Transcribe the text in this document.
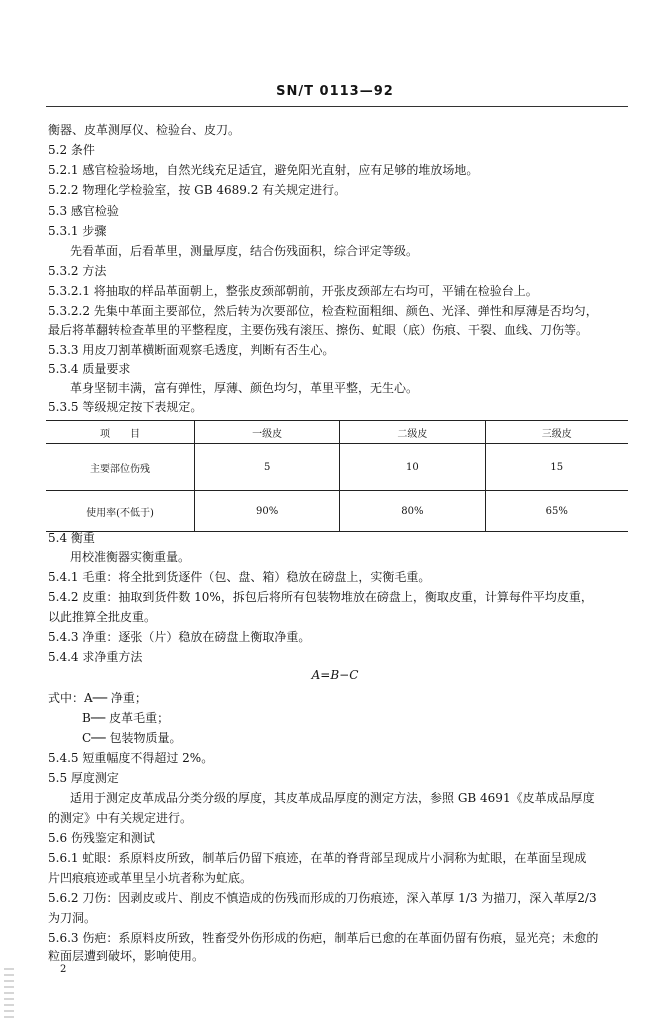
SN/T 0113—92
衡器、皮革测厚仪、检验台、皮刀。
5.2 条件
5.2.1 感官检验场地，自然光线充足适宜，避免阳光直射，应有足够的堆放场地。
5.2.2 物理化学检验室，按 GB 4689.2 有关规定进行。
5.3 感官检验
5.3.1 步骤
先看革面，后看革里，测量厚度，结合伤残面积，综合评定等级。
5.3.2 方法
5.3.2.1 将抽取的样品革面朝上，整张皮颈部朝前，开张皮颈部左右均可，平铺在检验台上。
5.3.2.2 先集中革面主要部位，然后转为次要部位，检查粒面粗细、颜色、光泽、弹性和厚薄是否均匀，
最后将革翻转检查革里的平整程度，主要伤残有滚压、擦伤、虻眼（底）伤痕、干裂、血线、刀伤等。
5.3.3 用皮刀割革横断面观察毛透度，判断有否生心。
5.3.4 质量要求
革身坚韧丰满，富有弹性，厚薄、颜色均匀，革里平整，无生心。
5.3.5 等级规定按下表规定。
项　　目	一级皮	二级皮	三级皮
主要部位伤残	5	10	15
使用率(不低于)	90%	80%	65%
5.4 衡重
用校准衡器实衡重量。
5.4.1 毛重：将全批到货逐件（包、盘、箱）稳放在磅盘上，实衡毛重。
5.4.2 皮重：抽取到货件数 10%，拆包后将所有包装物堆放在磅盘上，衡取皮重，计算每件平均皮重，
以此推算全批皮重。
5.4.3 净重：逐张（片）稳放在磅盘上衡取净重。
5.4.4 求净重方法
A=B−C
式中：A── 净重；
B── 皮革毛重；
C── 包装物质量。
5.4.5 短重幅度不得超过 2%。
5.5 厚度测定
适用于测定皮革成品分类分级的厚度，其皮革成品厚度的测定方法，参照 GB 4691《皮革成品厚度
的测定》中有关规定进行。
5.6 伤残鉴定和测试
5.6.1 虻眼：系原料皮所致，制革后仍留下痕迹，在革的脊背部呈现成片小洞称为虻眼，在革面呈现成
片凹痕痕迹或革里呈小坑者称为虻底。
5.6.2 刀伤：因剥皮或片、削皮不慎造成的伤残而形成的刀伤痕迹，深入革厚 1/3 为描刀，深入革厚2/3
为刀洞。
5.6.3 伤疤：系原料皮所致，牲畜受外伤形成的伤疤，制革后已愈的在革面仍留有伤痕，显光亮；未愈的
粒面层遭到破坏，影响使用。
2
